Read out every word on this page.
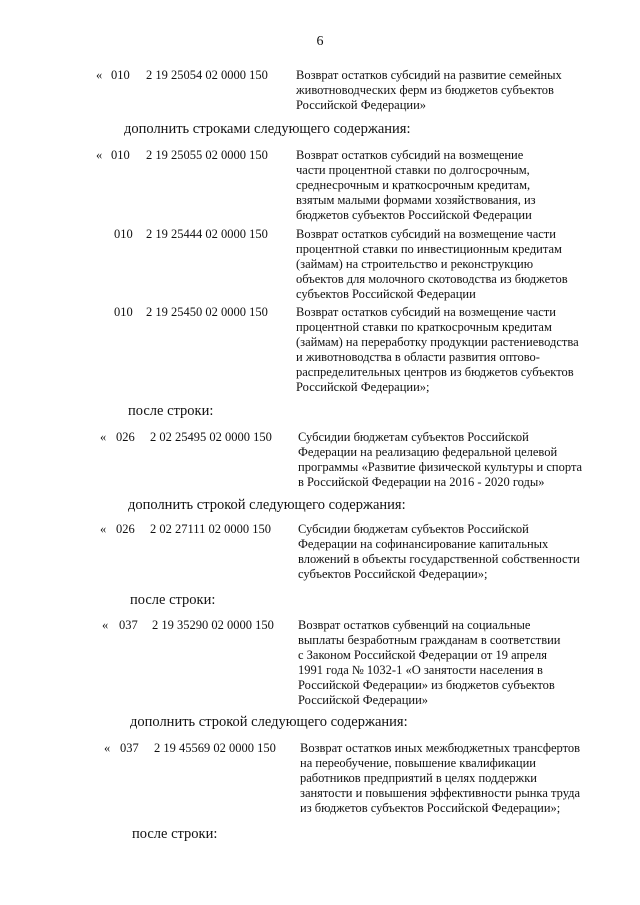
6
« 010	2 19 25054 02 0000 150	Возврат остатков субсидий на развитие семейных
животноводческих ферм из бюджетов субъектов
Российской Федерации»
дополнить строками следующего содержания:
« 010	2 19 25055 02 0000 150	Возврат остатков субсидий на возмещение
части процентной ставки по долгосрочным,
среднесрочным и краткосрочным кредитам,
взятым малыми формами хозяйствования, из
бюджетов субъектов Российской Федерации
010	2 19 25444 02 0000 150	Возврат остатков субсидий на возмещение части
процентной ставки по инвестиционным кредитам
(займам) на строительство и реконструкцию
объектов для молочного скотоводства из бюджетов
субъектов Российской Федерации
010	2 19 25450 02 0000 150	Возврат остатков субсидий на возмещение части
процентной ставки по краткосрочным кредитам
(займам) на переработку продукции растениеводства
и животноводства в области развития оптово-
распределительных центров из бюджетов субъектов
Российской Федерации»;
после строки:
« 026	2 02 25495 02 0000 150	Субсидии бюджетам субъектов Российской
Федерации на реализацию федеральной целевой
программы «Развитие физической культуры и спорта
в Российской Федерации на 2016 - 2020 годы»
дополнить строкой следующего содержания:
« 026	2 02 27111 02 0000 150	Субсидии бюджетам субъектов Российской
Федерации на софинансирование капитальных
вложений в объекты государственной собственности
субъектов Российской Федерации»;
после строки:
« 037	2 19 35290 02 0000 150	Возврат остатков субвенций на социальные
выплаты безработным гражданам в соответствии
с Законом Российской Федерации от 19 апреля
1991 года № 1032-1 «О занятости населения в
Российской Федерации» из бюджетов субъектов
Российской Федерации»
дополнить строкой следующего содержания:
« 037	2 19 45569 02 0000 150	Возврат остатков иных межбюджетных трансфертов
на переобучение, повышение квалификации
работников предприятий в целях поддержки
занятости и повышения эффективности рынка труда
из бюджетов субъектов Российской Федерации»;
после строки:
